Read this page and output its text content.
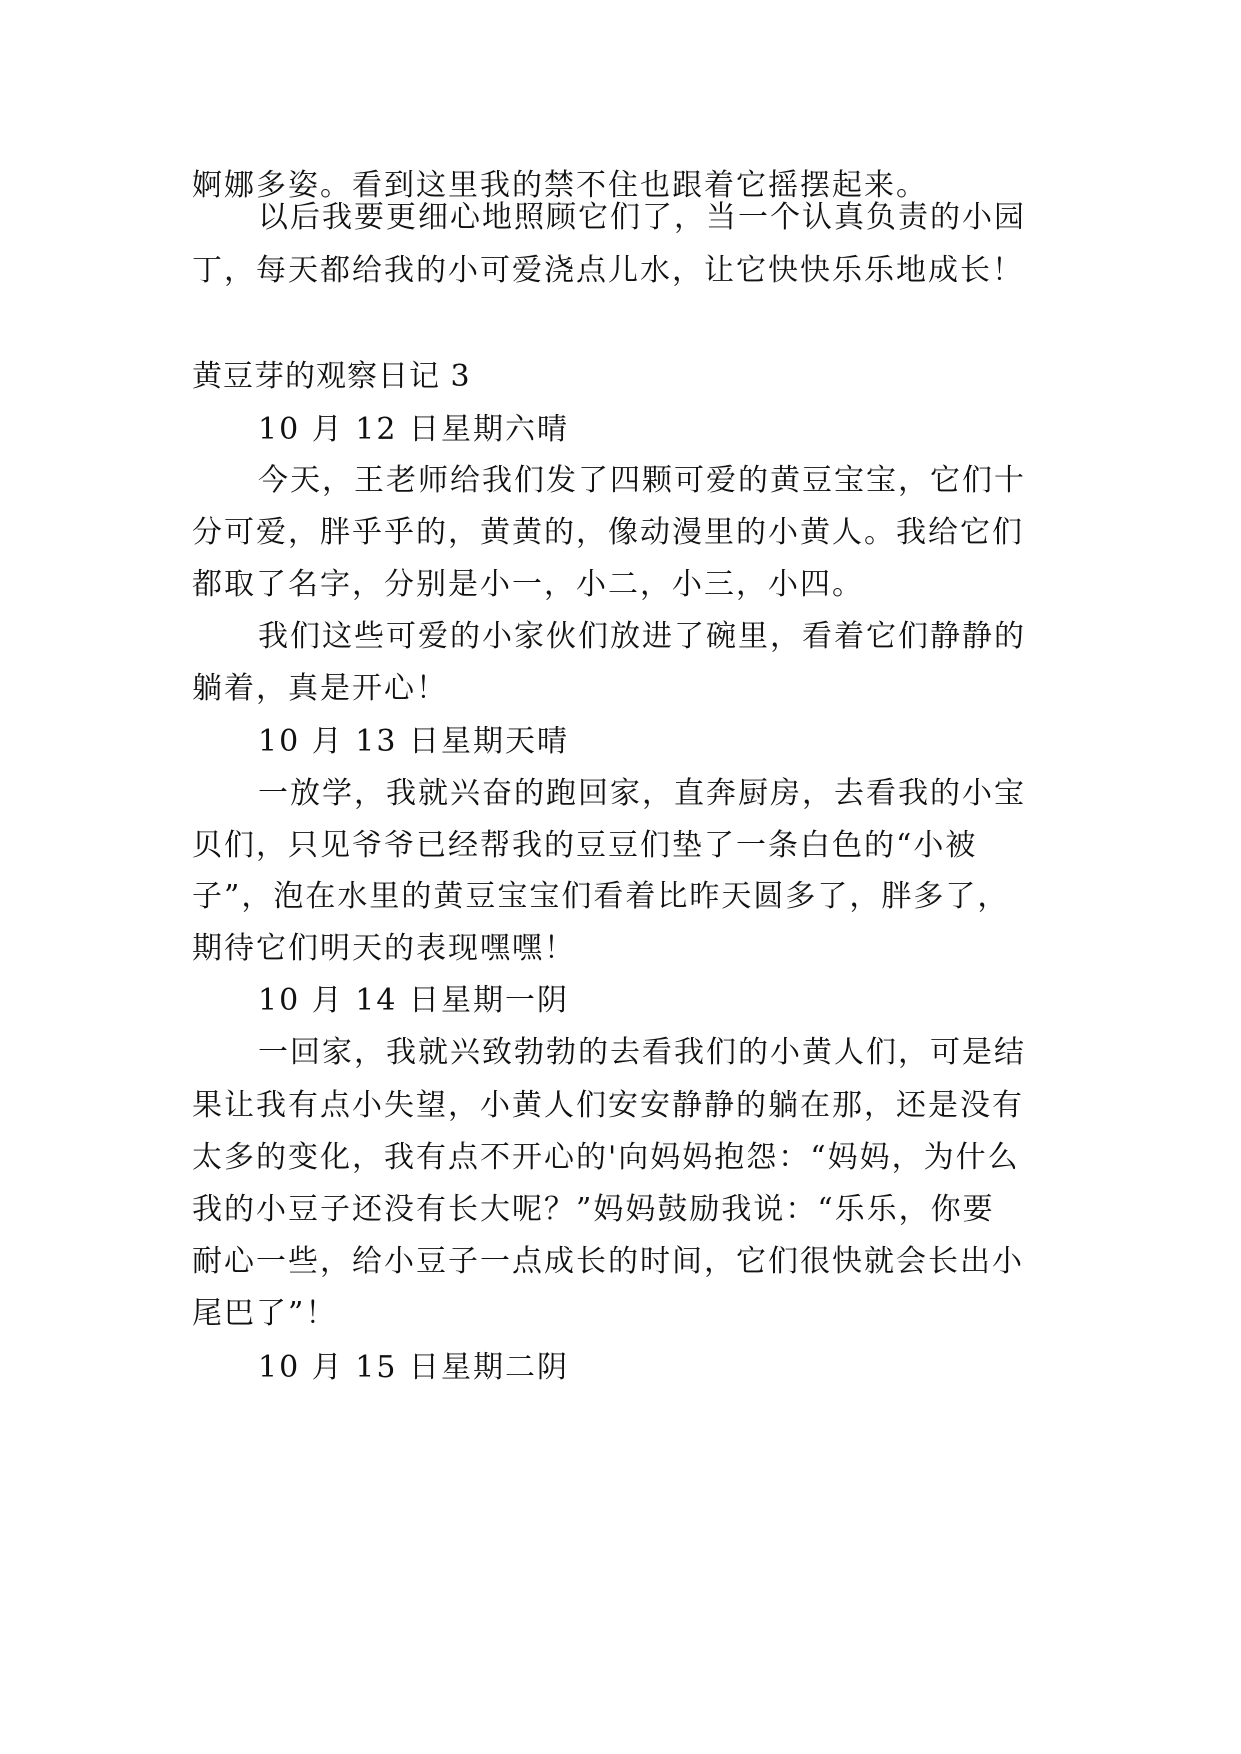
婀娜多姿。看到这里我的禁不住也跟着它摇摆起来。
以后我要更细心地照顾它们了，当一个认真负责的小园
丁，每天都给我的小可爱浇点儿水，让它快快乐乐地成长！
黄豆芽的观察日记 3
10 月 12 日星期六晴
今天，王老师给我们发了四颗可爱的黄豆宝宝，它们十
分可爱，胖乎乎的，黄黄的，像动漫里的小黄人。我给它们
都取了名字，分别是小一，小二，小三，小四。
我们这些可爱的小家伙们放进了碗里，看着它们静静的
躺着，真是开心！
10 月 13 日星期天晴
一放学，我就兴奋的跑回家，直奔厨房，去看我的小宝
贝们，只见爷爷已经帮我的豆豆们垫了一条白色的“小被
子”，泡在水里的黄豆宝宝们看着比昨天圆多了，胖多了，
期待它们明天的表现嘿嘿！
10 月 14 日星期一阴
一回家，我就兴致勃勃的去看我们的小黄人们，可是结
果让我有点小失望，小黄人们安安静静的躺在那，还是没有
太多的变化，我有点不开心的'向妈妈抱怨：“妈妈，为什么
我的小豆子还没有长大呢？”妈妈鼓励我说：“乐乐，你要
耐心一些，给小豆子一点成长的时间，它们很快就会长出小
尾巴了”！
10 月 15 日星期二阴
